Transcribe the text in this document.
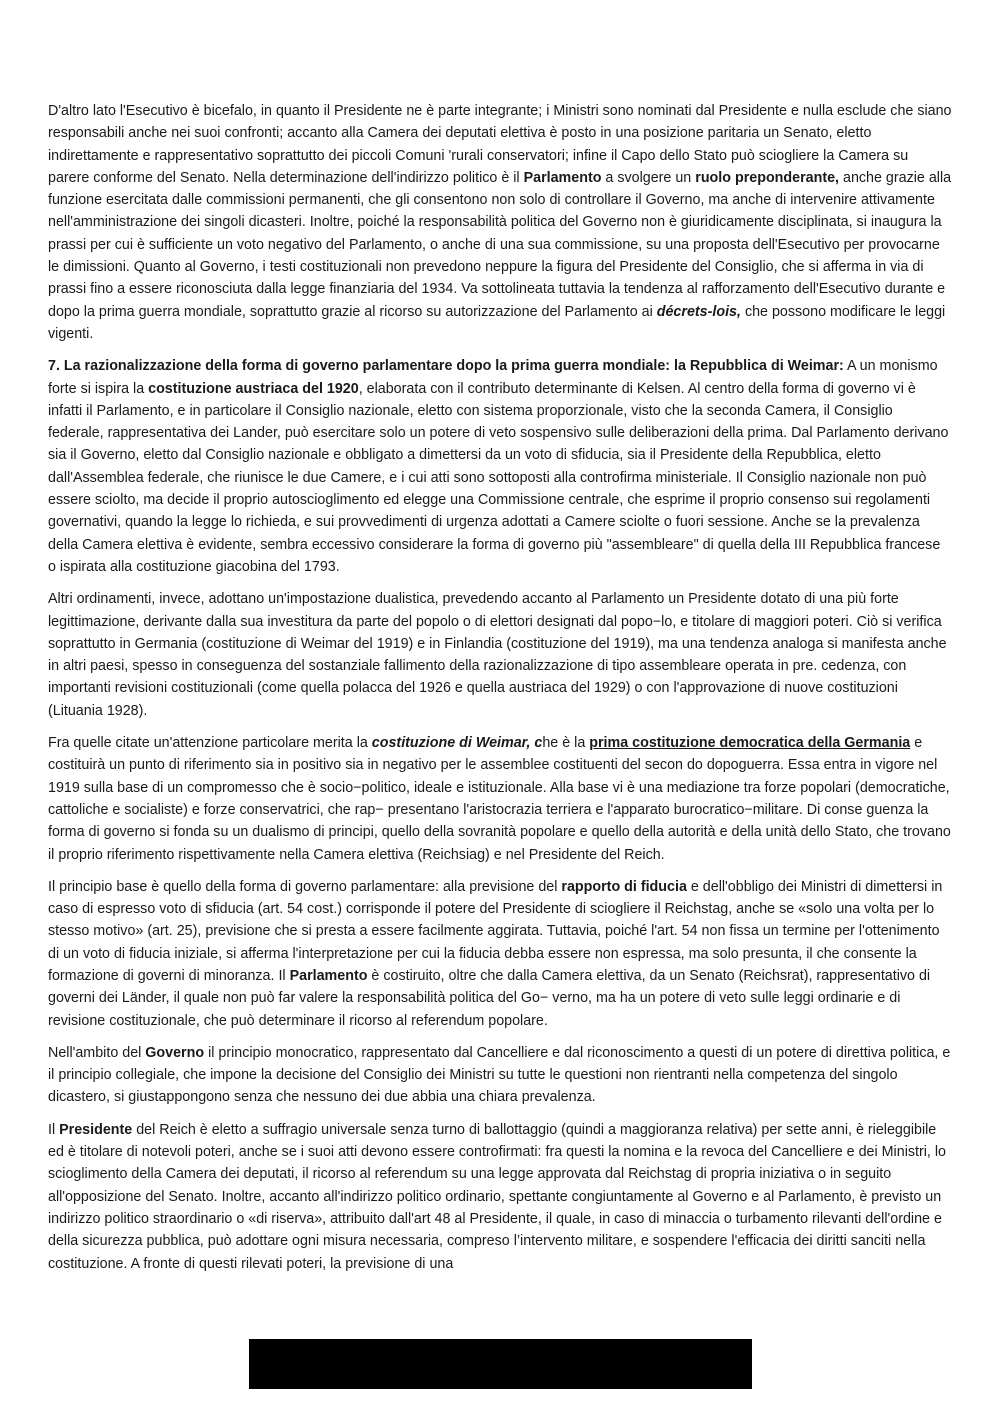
D'altro lato l'Esecutivo è bicefalo, in quanto il Presidente ne è parte integrante; i Ministri sono nominati dal Presidente e nulla esclude che siano responsabili anche nei suoi confronti; accanto alla Camera dei deputati elettiva è posto in una posizione paritaria un Senato, eletto indirettamente e rappresentativo soprattutto dei piccoli Comuni 'rurali conservatori; infine il Capo dello Stato può sciogliere la Camera su parere conforme del Senato. Nella determinazione dell'indirizzo politico è il Parlamento a svolgere un ruolo preponderante, anche grazie alla funzione esercitata dalle commissioni permanenti, che gli consentono non solo di controllare il Governo, ma anche di intervenire attivamente nell'amministrazione dei singoli dicasteri. Inoltre, poiché la responsabilità politica del Governo non è giuridicamente disciplinata, si inaugura la prassi per cui è sufficiente un voto negativo del Parlamento, o anche di una sua commissione, su una proposta dell'Esecutivo per provocarne le dimissioni. Quanto al Governo, i testi costituzionali non prevedono neppure la figura del Presidente del Consiglio, che si afferma in via di prassi fino a essere riconosciuta dalla legge finanziaria del 1934. Va sottolineata tuttavia la tendenza al rafforzamento dell'Esecutivo durante e dopo la prima guerra mondiale, soprattutto grazie al ricorso su autorizzazione del Parlamento ai décrets-lois, che possono modificare le leggi vigenti.

7. La razionalizzazione della forma di governo parlamentare dopo la prima guerra mondiale: la Repubblica di Weimar: A un monismo forte si ispira la costituzione austriaca del 1920, elaborata con il contributo determinante di Kelsen. Al centro della forma di governo vi è infatti il Parlamento, e in particolare il Consiglio nazionale, eletto con sistema proporzionale, visto che la seconda Camera, il Consiglio federale, rappresentativa dei Lander, può esercitare solo un potere di veto sospensivo sulle deliberazioni della prima. Dal Parlamento derivano sia il Governo, eletto dal Consiglio nazionale e obbligato a dimettersi da un voto di sfiducia, sia il Presidente della Repubblica, eletto dall'Assemblea federale, che riunisce le due Camere, e i cui atti sono sottoposti alla controfirma ministeriale. Il Consiglio nazionale non può essere sciolto, ma decide il proprio autoscioglimento ed elegge una Commissione centrale, che esprime il proprio consenso sui regolamenti governativi, quando la legge lo richieda, e sui provvedimenti di urgenza adottati a Camere sciolte o fuori sessione. Anche se la prevalenza della Camera elettiva è evidente, sembra eccessivo considerare la forma di governo più "assembleare" di quella della III Repubblica francese o ispirata alla costituzione giacobina del 1793.

Altri ordinamenti, invece, adottano un'impostazione dualistica, prevedendo accanto al Parlamento un Presidente dotato di una più forte legittimazione, derivante dalla sua investitura da parte del popolo o di elettori designati dal popo−lo, e titolare di maggiori poteri. Ciò si verifica soprattutto in Germania (costituzione di Weimar del 1919) e in Finlandia (costituzione del 1919), ma una tendenza analoga si manifesta anche in altri paesi, spesso in conseguenza del sostanziale fallimento della razionalizzazione di tipo assembleare operata in pre. cedenza, con importanti revisioni costituzionali (come quella polacca del 1926 e quella austriaca del 1929) o con l'approvazione di nuove costituzioni (Lituania 1928).

Fra quelle citate un'attenzione particolare merita la costituzione di Weimar, che è la prima costituzione democratica della Germania e costituirà un punto di riferimento sia in positivo sia in negativo per le assemblee costituenti del secon do dopoguerra. Essa entra in vigore nel 1919 sulla base di un compromesso che è socio−politico, ideale e istituzionale. Alla base vi è una mediazione tra forze popolari (democratiche, cattoliche e socialiste) e forze conservatrici, che rap− presentano l'aristocrazia terriera e l'apparato burocratico−militare. Di conse guenza la forma di governo si fonda su un dualismo di principi, quello della sovranità popolare e quello della autorità e della unità dello Stato, che trovano il proprio riferimento rispettivamente nella Camera elettiva (Reichsiag) e nel Presidente del Reich.

Il principio base è quello della forma di governo parlamentare: alla previsione del rapporto di fiducia e dell'obbligo dei Ministri di dimettersi in caso di espresso voto di sfiducia (art. 54 cost.) corrisponde il potere del Presidente di sciogliere il Reichstag, anche se «solo una volta per lo stesso motivo» (art. 25), previsione che si presta a essere facilmente aggirata. Tuttavia, poiché l'art. 54 non fissa un termine per l'ottenimento di un voto di fiducia iniziale, si afferma l'interpretazione per cui la fiducia debba essere non espressa, ma solo presunta, il che consente la formazione di governi di minoranza. Il Parlamento è costiruito, oltre che dalla Camera elettiva, da un Senato (Reichsrat), rappresentativo di governi dei Länder, il quale non può far valere la responsabilità politica del Go− verno, ma ha un potere di veto sulle leggi ordinarie e di revisione costituzionale, che può determinare il ricorso al referendum popolare.

Nell'ambito del Governo il principio monocratico, rappresentato dal Cancelliere e dal riconoscimento a questi di un potere di direttiva politica, e il principio collegiale, che impone la decisione del Consiglio dei Ministri su tutte le questioni non rientranti nella competenza del singolo dicastero, si giustappongono senza che nessuno dei due abbia una chiara prevalenza.

Il Presidente del Reich è eletto a suffragio universale senza turno di ballottaggio (quindi a maggioranza relativa) per sette anni, è rieleggibile ed è titolare di notevoli poteri, anche se i suoi atti devono essere controfirmati: fra questi la nomina e la revoca del Cancelliere e dei Ministri, lo scioglimento della Camera dei deputati, il ricorso al referendum su una legge approvata dal Reichstag di propria iniziativa o in seguito all'opposizione del Senato. Inoltre, accanto all'indirizzo politico ordinario, spettante congiuntamente al Governo e al Parlamento, è previsto un indirizzo politico straordinario o «di riserva», attribuito dall'art 48 al Presidente, il quale, in caso di minaccia o turbamento rilevanti dell'ordine e della sicurezza pubblica, può adottare ogni misura necessaria, compreso l’intervento militare, e sospendere l'efficacia dei diritti sanciti nella costituzione. A fronte di questi rilevati poteri, la previsione di una
